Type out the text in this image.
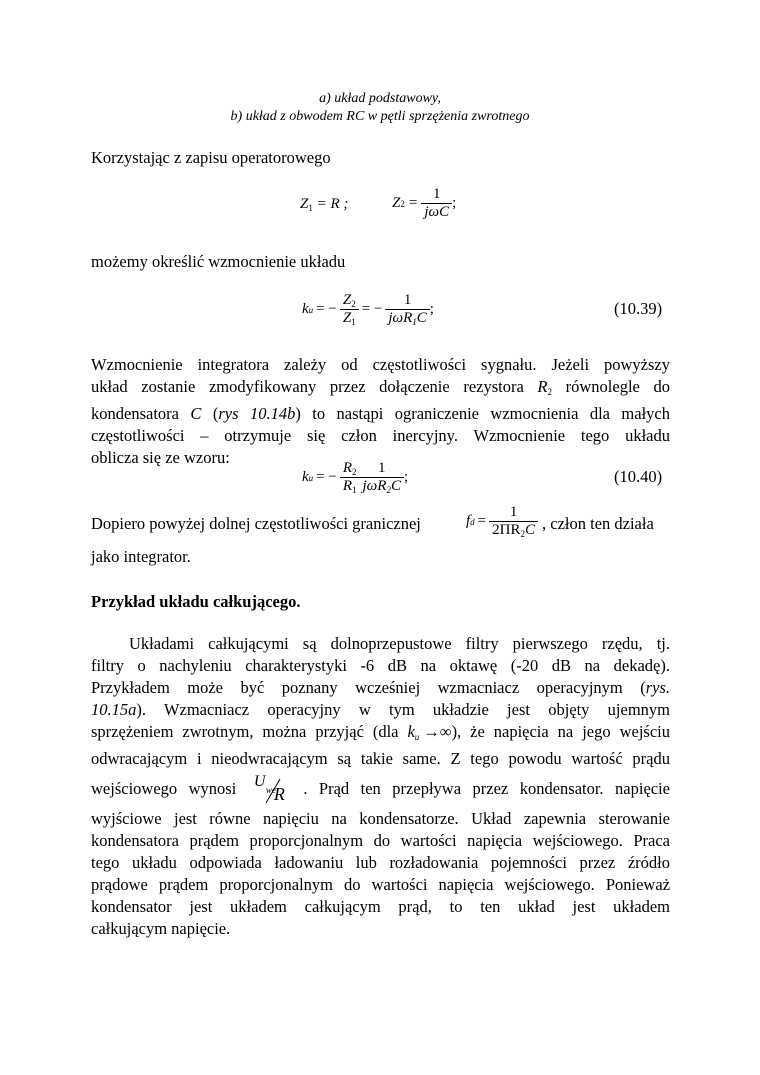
a) układ podstawowy,
b) układ z obwodem RC w pętli sprzężenia zwrotnego
Korzystając z zapisu operatorowego
$Z_1 = R$ ;	Z $2 = \frac{1}{\text{jωC}}$ ;
możemy określić wzmocnienie układu
k u = − $\frac{Z_2}{Z_1}$ = − $\frac{1}{j\omega R_1C}$ ;	(10.39)
Wzmocnienie integratora zależy od częstotliwości sygnału. Jeżeli powyższy
układ zostanie zmodyfikowany przez dołączenie rezystora $R_2$ równolegle do
kondensatora C (rys 10.14b) to nastąpi ograniczenie wzmocnienia dla małych
częstotliwości – otrzymuje się człon inercyjny. Wzmocnienie tego układu
oblicza się ze wzoru:
k u = − $\frac{R_2}{R_1} \frac{1}{j\omega R_2C}$ ;	(10.40)
Dopiero powyżej dolnej częstotliwości granicznej	f $d = \frac{1}{2\Pi R_2C}$ , człon ten działa
jako integrator.
Przykład układu całkującego.
Układami całkującymi są dolnoprzepustowe filtry pierwszego rzędu, tj.
filtry o nachyleniu charakterystyki -6 dB na oktawę (-20 dB na dekadę).
Przykładem może być poznany wcześniej wzmacniacz operacyjnym (rys.
10.15a). Wzmacniacz operacyjny w tym układzie jest objęty ujemnym
sprzężeniem zwrotnym, można przyjąć (dla $k_u$ →∞), że napięcia na jego wejściu
odwracającym i nieodwracającym są takie same. Z tego powodu wartość prądu
wejściowego wynosi U we
R . Prąd ten przepływa przez kondensator. napięcie
wyjściowe jest równe napięciu na kondensatorze. Układ zapewnia sterowanie
kondensatora prądem proporcjonalnym do wartości napięcia wejściowego. Praca
tego układu odpowiada ładowaniu lub rozładowania pojemności przez źródło
prądowe prądem proporcjonalnym do wartości napięcia wejściowego. Ponieważ
kondensator jest układem całkującym prąd, to ten układ jest układem
całkującym napięcie.
